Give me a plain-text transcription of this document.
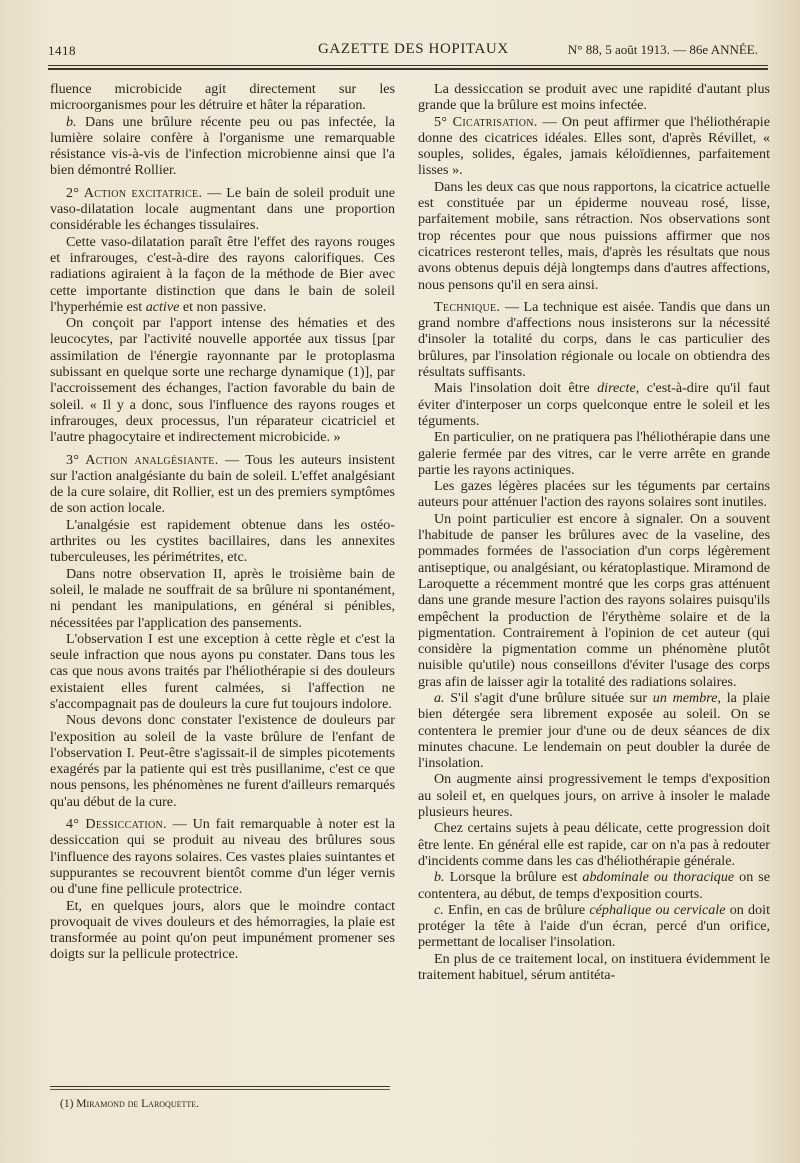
1418	GAZETTE DES HOPITAUX	N° 88, 5 août 1913. — 86e ANNÉE.

fluence microbicide agit directement sur les microorganismes pour les détruire et hâter la réparation.

b. Dans une brûlure récente peu ou pas infectée, la lumière solaire confère à l'organisme une remarquable résistance vis-à-vis de l'infection microbienne ainsi que l'a bien démontré Rollier.

2° Action excitatrice. — Le bain de soleil produit une vaso-dilatation locale augmentant dans une proportion considérable les échanges tissulaires.

Cette vaso-dilatation paraît être l'effet des rayons rouges et infrarouges, c'est-à-dire des rayons calorifiques. Ces radiations agiraient à la façon de la méthode de Bier avec cette importante distinction que dans le bain de soleil l'hyperhémie est active et non passive.

On conçoit par l'apport intense des hématies et des leucocytes, par l'activité nouvelle apportée aux tissus [par assimilation de l'énergie rayonnante par le protoplasma subissant en quelque sorte une recharge dynamique (1)], par l'accroissement des échanges, l'action favorable du bain de soleil. « Il y a donc, sous l'influence des rayons rouges et infrarouges, deux processus, l'un réparateur cicatriciel et l'autre phagocytaire et indirectement microbicide. »

3° Action analgésiante. — Tous les auteurs insistent sur l'action analgésiante du bain de soleil. L'effet analgésiant de la cure solaire, dit Rollier, est un des premiers symptômes de son action locale.

L'analgésie est rapidement obtenue dans les ostéo-arthrites ou les cystites bacillaires, dans les annexites tuberculeuses, les périmétrites, etc.

Dans notre observation II, après le troisième bain de soleil, le malade ne souffrait de sa brûlure ni spontanément, ni pendant les manipulations, en général si pénibles, nécessitées par l'application des pansements.

L'observation I est une exception à cette règle et c'est la seule infraction que nous ayons pu constater. Dans tous les cas que nous avons traités par l'héliothérapie si des douleurs existaient elles furent calmées, si l'affection ne s'accompagnait pas de douleurs la cure fut toujours indolore.

Nous devons donc constater l'existence de douleurs par l'exposition au soleil de la vaste brûlure de l'enfant de l'observation I. Peut-être s'agissait-il de simples picotements exagérés par la patiente qui est très pusillanime, c'est ce que nous pensons, les phénomènes ne furent d'ailleurs remarqués qu'au début de la cure.

4° Dessiccation. — Un fait remarquable à noter est la dessiccation qui se produit au niveau des brûlures sous l'influence des rayons solaires. Ces vastes plaies suintantes et suppurantes se recouvrent bientôt comme d'un léger vernis ou d'une fine pellicule protectrice.

Et, en quelques jours, alors que le moindre contact provoquait de vives douleurs et des hémorragies, la plaie est transformée au point qu'on peut impunément promener ses doigts sur la pellicule protectrice.

La dessiccation se produit avec une rapidité d'autant plus grande que la brûlure est moins infectée.

5° Cicatrisation. — On peut affirmer que l'héliothérapie donne des cicatrices idéales. Elles sont, d'après Révillet, « souples, solides, égales, jamais kéloïdiennes, parfaitement lisses ».

Dans les deux cas que nous rapportons, la cicatrice actuelle est constituée par un épiderme nouveau rosé, lisse, parfaitement mobile, sans rétraction. Nos observations sont trop récentes pour que nous puissions affirmer que nos cicatrices resteront telles, mais, d'après les résultats que nous avons obtenus depuis déjà longtemps dans d'autres affections, nous pensons qu'il en sera ainsi.

Technique. — La technique est aisée. Tandis que dans un grand nombre d'affections nous insisterons sur la nécessité d'insoler la totalité du corps, dans le cas particulier des brûlures, par l'insolation régionale ou locale on obtiendra des résultats suffisants.

Mais l'insolation doit être directe, c'est-à-dire qu'il faut éviter d'interposer un corps quelconque entre le soleil et les téguments.

En particulier, on ne pratiquera pas l'héliothérapie dans une galerie fermée par des vitres, car le verre arrête en grande partie les rayons actiniques.

Les gazes légères placées sur les téguments par certains auteurs pour atténuer l'action des rayons solaires sont inutiles.

Un point particulier est encore à signaler. On a souvent l'habitude de panser les brûlures avec de la vaseline, des pommades formées de l'association d'un corps légèrement antiseptique, ou analgésiant, ou kératoplastique. Miramond de Laroquette a récemment montré que les corps gras atténuent dans une grande mesure l'action des rayons solaires puisqu'ils empêchent la production de l'érythème solaire et de la pigmentation. Contrairement à l'opinion de cet auteur (qui considère la pigmentation comme un phénomène plutôt nuisible qu'utile) nous conseillons d'éviter l'usage des corps gras afin de laisser agir la totalité des radiations solaires.

a. S'il s'agit d'une brûlure située sur un membre, la plaie bien détergée sera librement exposée au soleil. On se contentera le premier jour d'une ou de deux séances de dix minutes chacune. Le lendemain on peut doubler la durée de l'insolation.

On augmente ainsi progressivement le temps d'exposition au soleil et, en quelques jours, on arrive à insoler le malade plusieurs heures.

Chez certains sujets à peau délicate, cette progression doit être lente. En général elle est rapide, car on n'a pas à redouter d'incidents comme dans les cas d'héliothérapie générale.

b. Lorsque la brûlure est abdominale ou thoracique on se contentera, au début, de temps d'exposition courts.

c. Enfin, en cas de brûlure céphalique ou cervicale on doit protéger la tête à l'aide d'un écran, percé d'un orifice, permettant de localiser l'insolation.

En plus de ce traitement local, on instituera évidemment le traitement habituel, sérum antitéta-

(1) Miramond de Laroquette.
